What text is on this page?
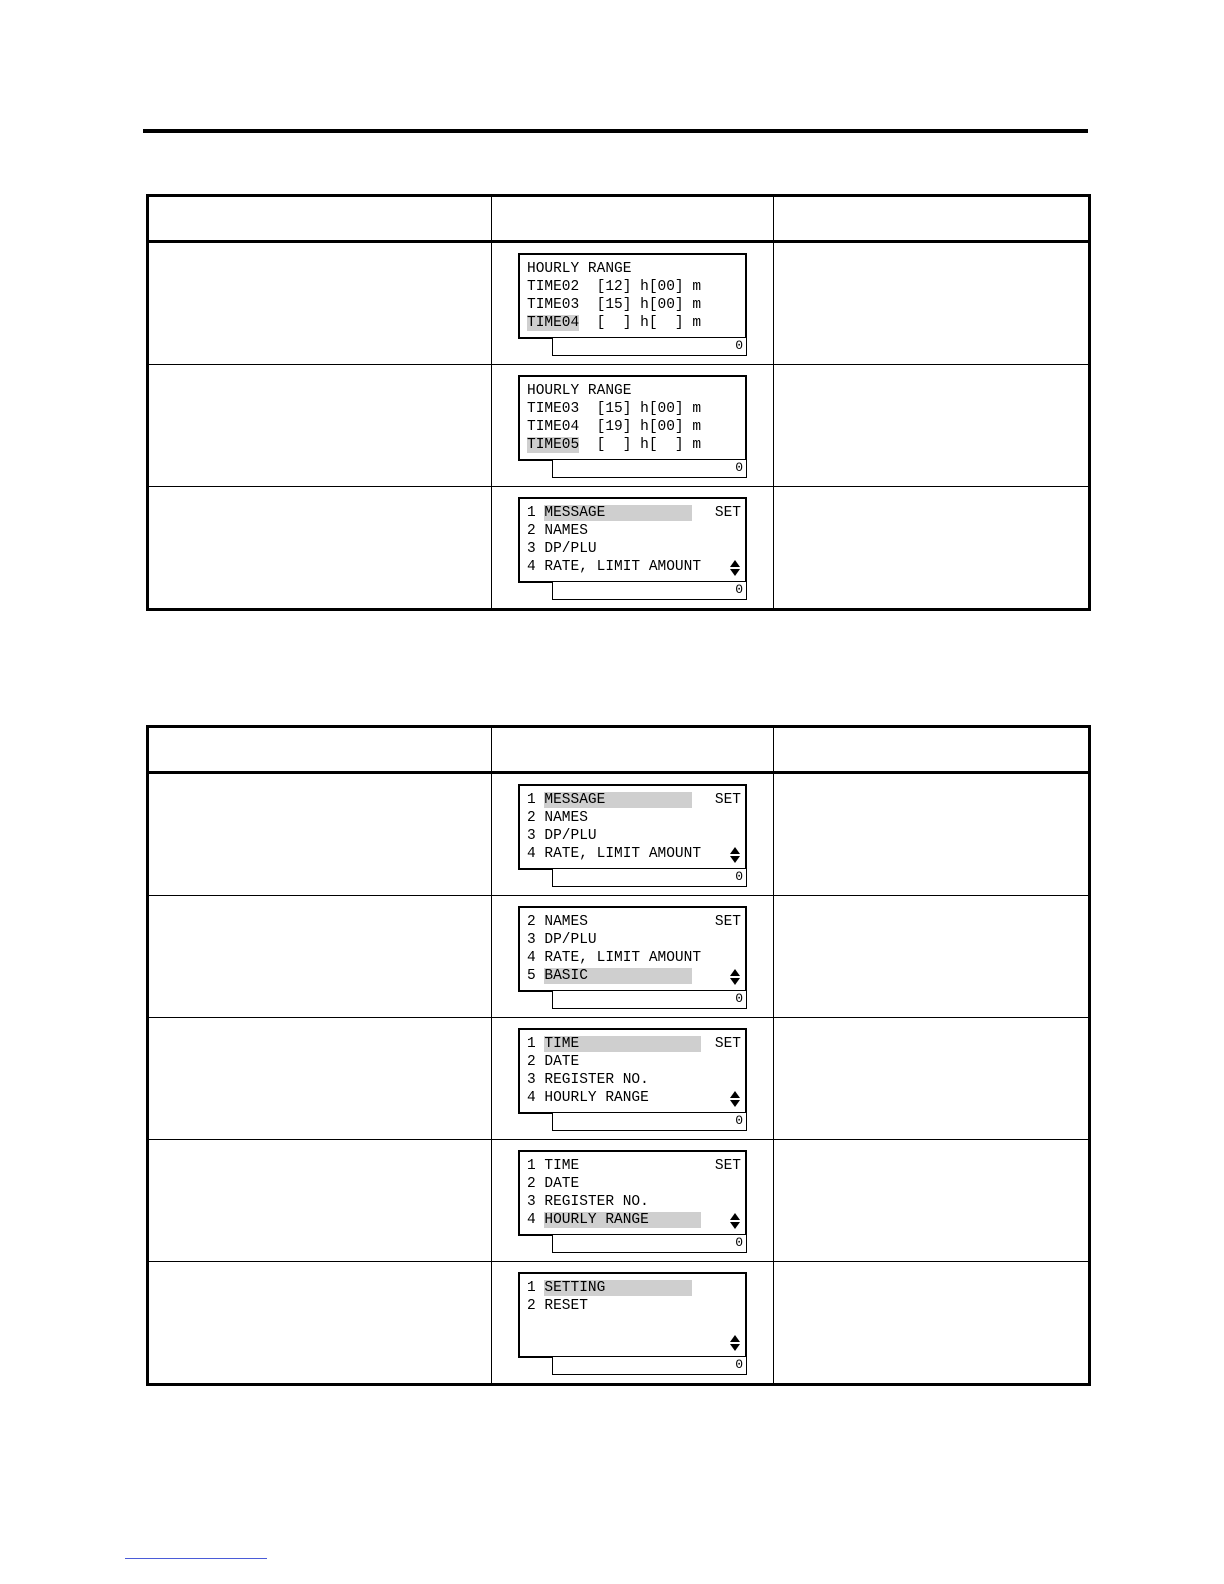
HOURLY RANGE
TIME02  [12] h[00] m
TIME03  [15] h[00] m
TIME04  [  ] h[  ] m
0
HOURLY RANGE
TIME03  [15] h[00] m
TIME04  [19] h[00] m
TIME05  [  ] h[  ] m
0
1 MESSAGE SET
2 NAMES
3 DP/PLU
4 RATE, LIMIT AMOUNT
0
1 MESSAGE SET
2 NAMES
3 DP/PLU
4 RATE, LIMIT AMOUNT
0
2 NAMES	SET
3 DP/PLU
4 RATE, LIMIT AMOUNT
5 BASIC
0
1 TIME SET
2 DATE
3 REGISTER NO.
4 HOURLY RANGE
0
1 TIME	SET
2 DATE
3 REGISTER NO.
4 HOURLY RANGE
0
1 SETTING
2 RESET
0
